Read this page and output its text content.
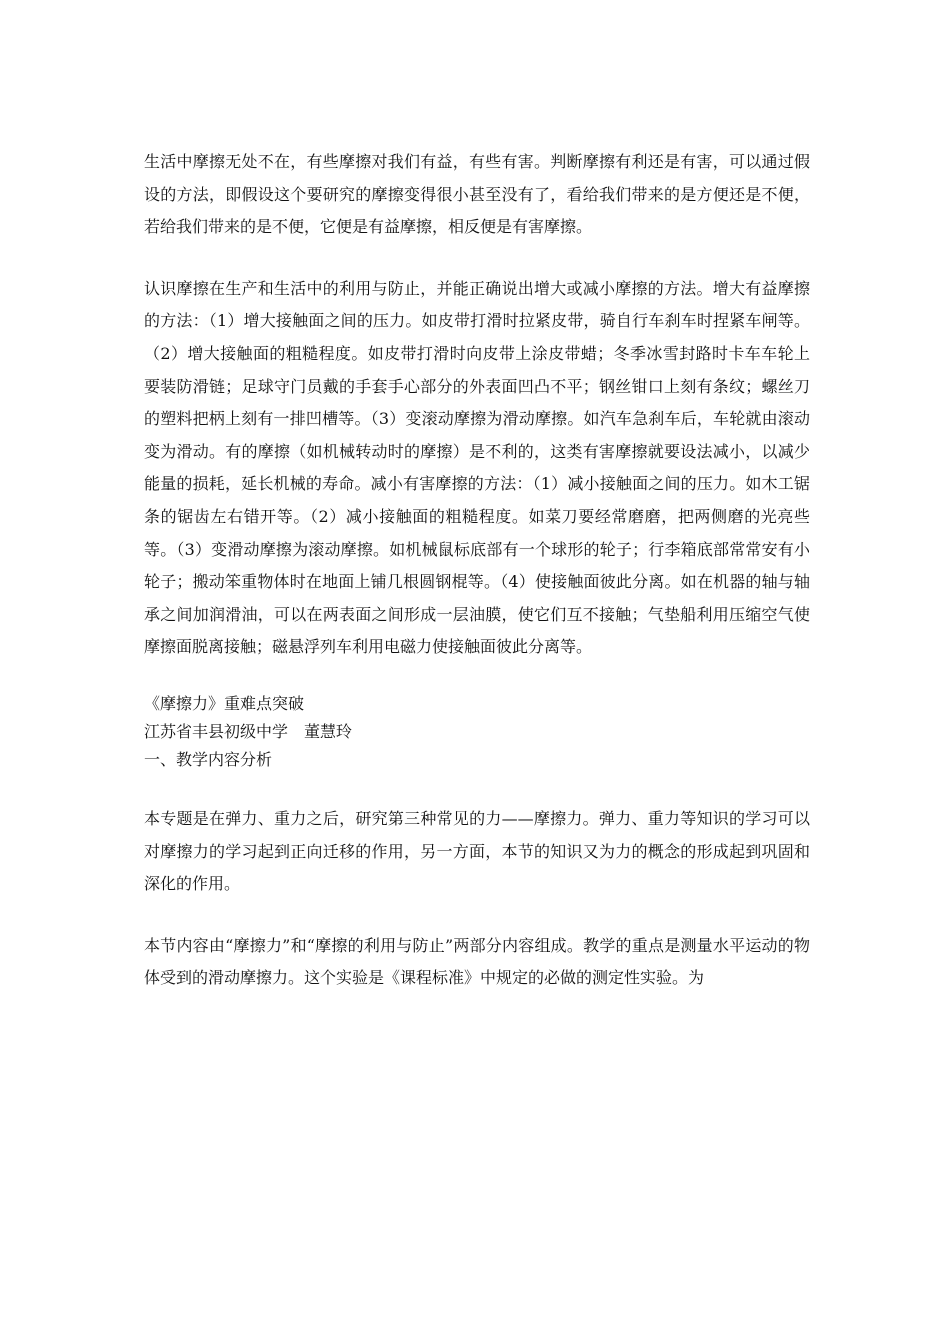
生活中摩擦无处不在，有些摩擦对我们有益，有些有害。判断摩擦有利还是有害，可以通过假设的方法，即假设这个要研究的摩擦变得很小甚至没有了，看给我们带来的是方便还是不便，若给我们带来的是不便，它便是有益摩擦，相反便是有害摩擦。

认识摩擦在生产和生活中的利用与防止，并能正确说出增大或减小摩擦的方法。增大有益摩擦的方法：（1）增大接触面之间的压力。如皮带打滑时拉紧皮带，骑自行车刹车时捏紧车闸等。（2）增大接触面的粗糙程度。如皮带打滑时向皮带上涂皮带蜡；冬季冰雪封路时卡车车轮上要装防滑链；足球守门员戴的手套手心部分的外表面凹凸不平；钢丝钳口上刻有条纹；螺丝刀的塑料把柄上刻有一排凹槽等。（3）变滚动摩擦为滑动摩擦。如汽车急刹车后，车轮就由滚动变为滑动。有的摩擦（如机械转动时的摩擦）是不利的，这类有害摩擦就要设法减小，以减少能量的损耗，延长机械的寿命。减小有害摩擦的方法：（1）减小接触面之间的压力。如木工锯条的锯齿左右错开等。（2）减小接触面的粗糙程度。如菜刀要经常磨磨，把两侧磨的光亮些等。（3）变滑动摩擦为滚动摩擦。如机械鼠标底部有一个球形的轮子；行李箱底部常常安有小轮子；搬动笨重物体时在地面上铺几根圆钢棍等。（4）使接触面彼此分离。如在机器的轴与轴承之间加润滑油，可以在两表面之间形成一层油膜，使它们互不接触；气垫船利用压缩空气使摩擦面脱离接触；磁悬浮列车利用电磁力使接触面彼此分离等。

《摩擦力》重难点突破

江苏省丰县初级中学　董慧玲

一、教学内容分析

本专题是在弹力、重力之后，研究第三种常见的力——摩擦力。弹力、重力等知识的学习可以对摩擦力的学习起到正向迁移的作用，另一方面，本节的知识又为力的概念的形成起到巩固和深化的作用。

本节内容由“摩擦力”和“摩擦的利用与防止”两部分内容组成。教学的重点是测量水平运动的物体受到的滑动摩擦力。这个实验是《课程标准》中规定的必做的测定性实验。为
